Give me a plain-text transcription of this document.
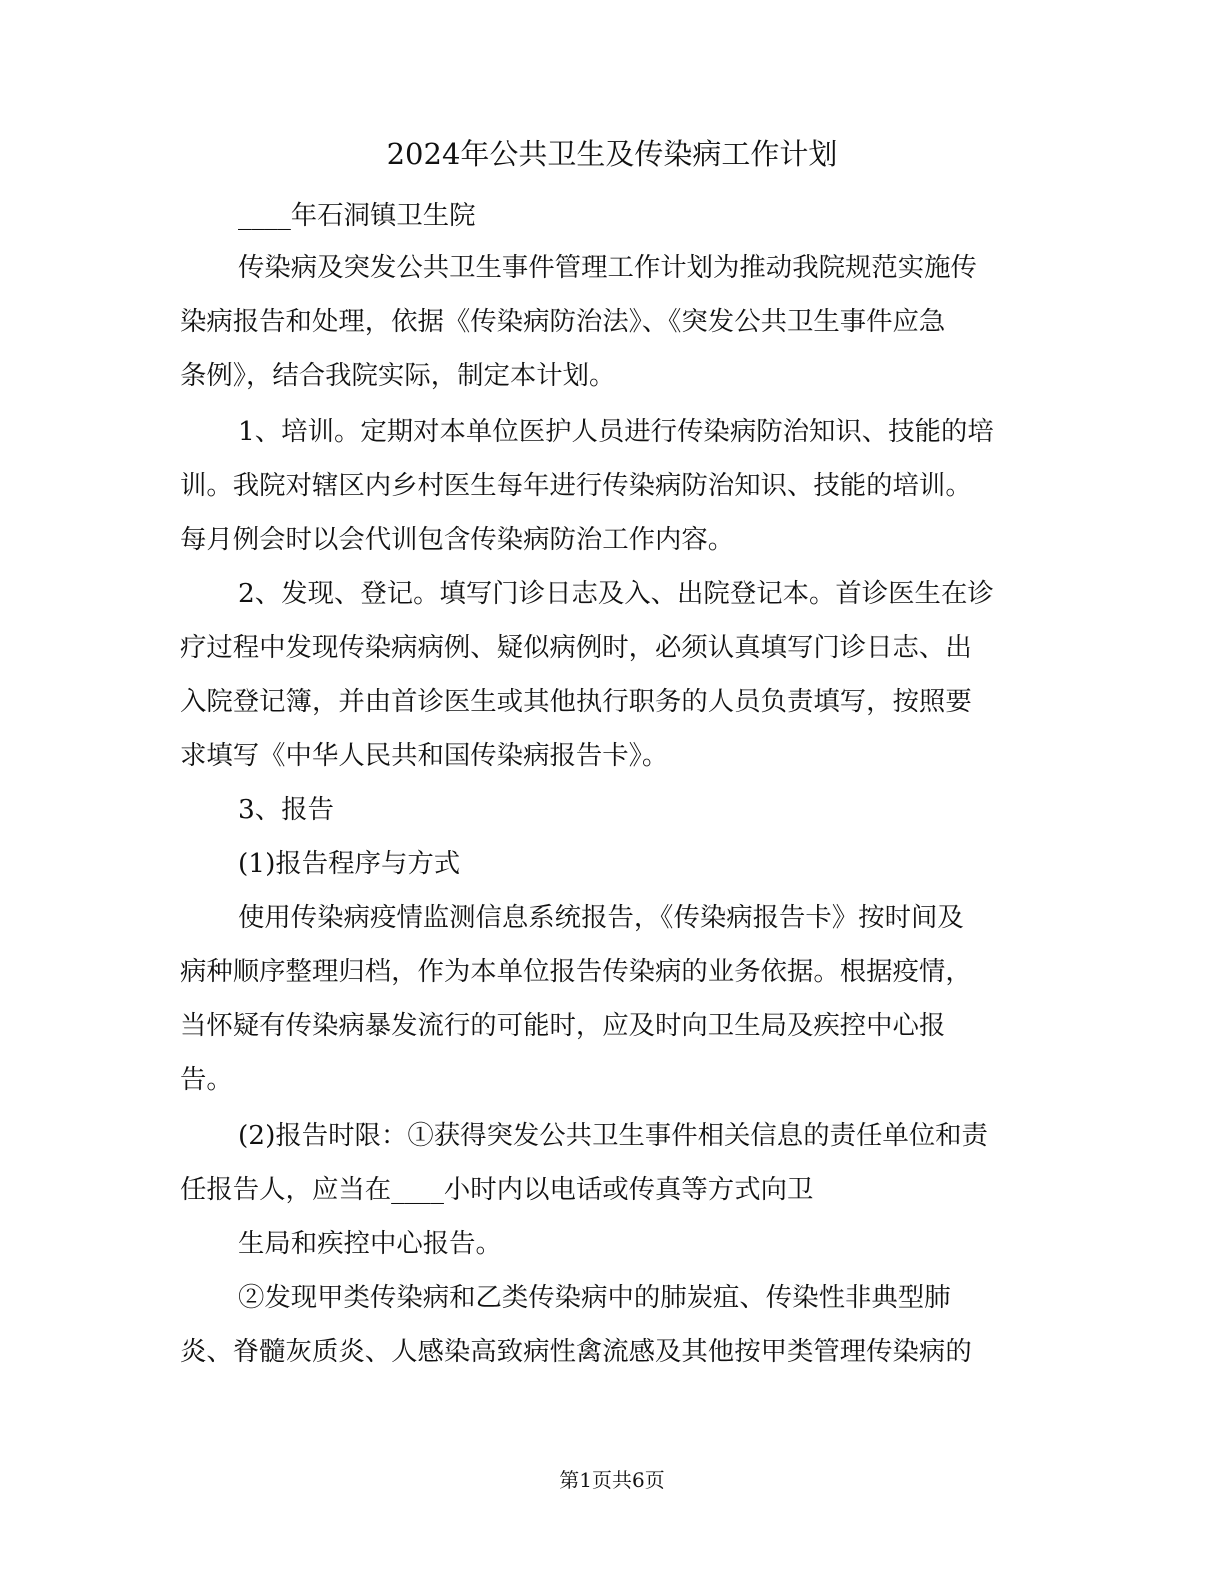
2024年公共卫生及传染病工作计划
____年石洞镇卫生院
传染病及突发公共卫生事件管理工作计划为推动我院规范实施传
染病报告和处理，依据《传染病防治法》、《突发公共卫生事件应急
条例》，结合我院实际，制定本计划。
1、培训。定期对本单位医护人员进行传染病防治知识、技能的培
训。我院对辖区内乡村医生每年进行传染病防治知识、技能的培训。
每月例会时以会代训包含传染病防治工作内容。
2、发现、登记。填写门诊日志及入、出院登记本。首诊医生在诊
疗过程中发现传染病病例、疑似病例时，必须认真填写门诊日志、出
入院登记簿，并由首诊医生或其他执行职务的人员负责填写，按照要
求填写《中华人民共和国传染病报告卡》。
3、报告
(1)报告程序与方式
使用传染病疫情监测信息系统报告，《传染病报告卡》按时间及
病种顺序整理归档，作为本单位报告传染病的业务依据。根据疫情，
当怀疑有传染病暴发流行的可能时，应及时向卫生局及疾控中心报
告。
(2)报告时限：①获得突发公共卫生事件相关信息的责任单位和责
任报告人，应当在____小时内以电话或传真等方式向卫
生局和疾控中心报告。
②发现甲类传染病和乙类传染病中的肺炭疽、传染性非典型肺
炎、脊髓灰质炎、人感染高致病性禽流感及其他按甲类管理传染病的
第1页共6页
